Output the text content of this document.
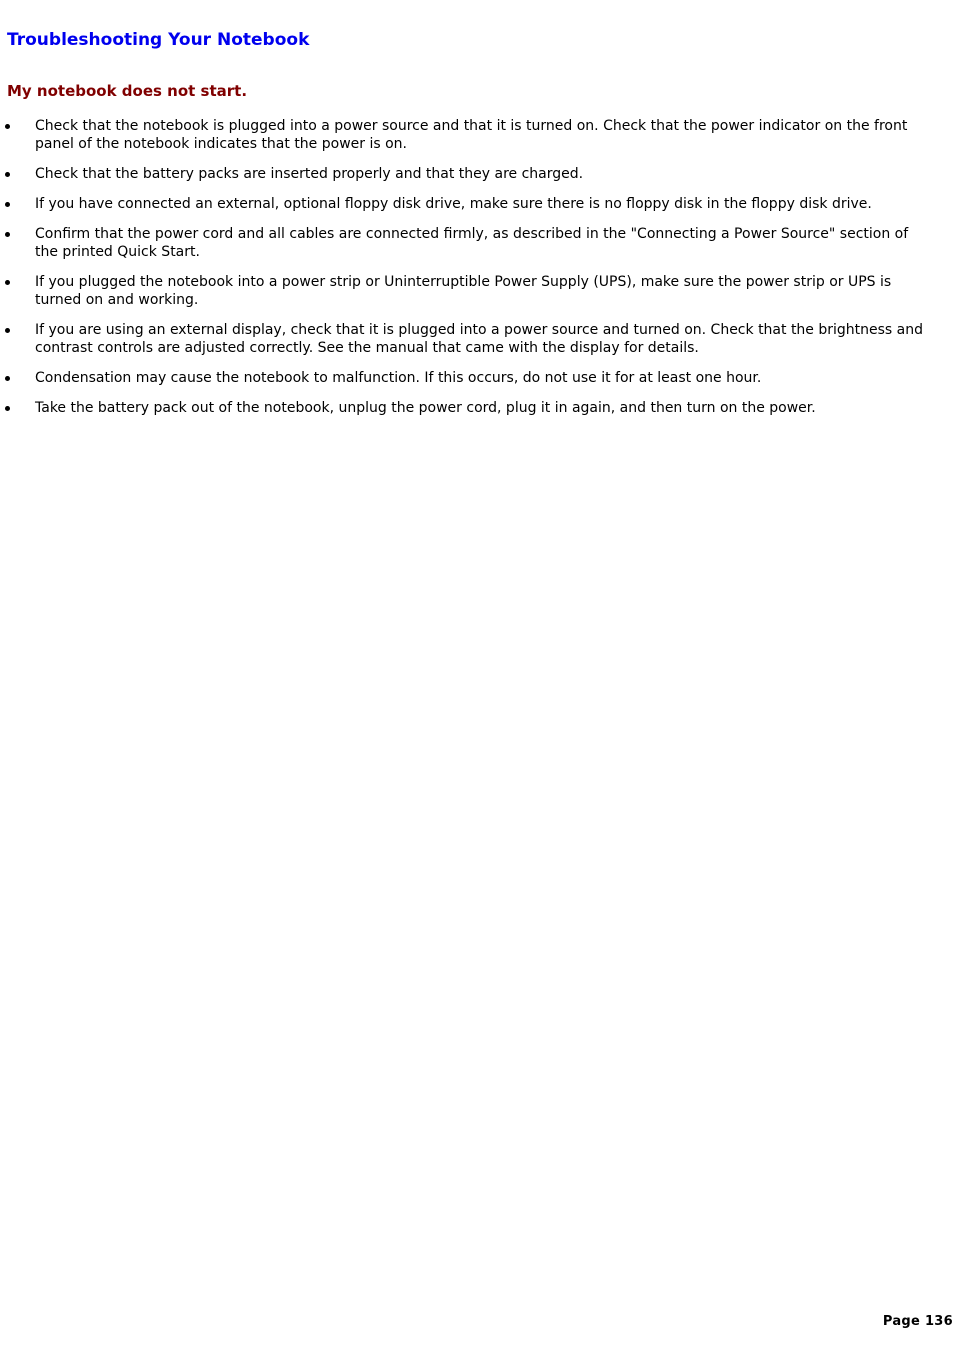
Troubleshooting Your Notebook
My notebook does not start.
Check that the notebook is plugged into a power source and that it is turned on. Check that the power indicator on the front panel of the notebook indicates that the power is on.
Check that the battery packs are inserted properly and that they are charged.
If you have connected an external, optional floppy disk drive, make sure there is no floppy disk in the floppy disk drive.
Confirm that the power cord and all cables are connected firmly, as described in the "Connecting a Power Source" section of the printed Quick Start.
If you plugged the notebook into a power strip or Uninterruptible Power Supply (UPS), make sure the power strip or UPS is turned on and working.
If you are using an external display, check that it is plugged into a power source and turned on. Check that the brightness and contrast controls are adjusted correctly. See the manual that came with the display for details.
Condensation may cause the notebook to malfunction. If this occurs, do not use it for at least one hour.
Take the battery pack out of the notebook, unplug the power cord, plug it in again, and then turn on the power.

Page 136
